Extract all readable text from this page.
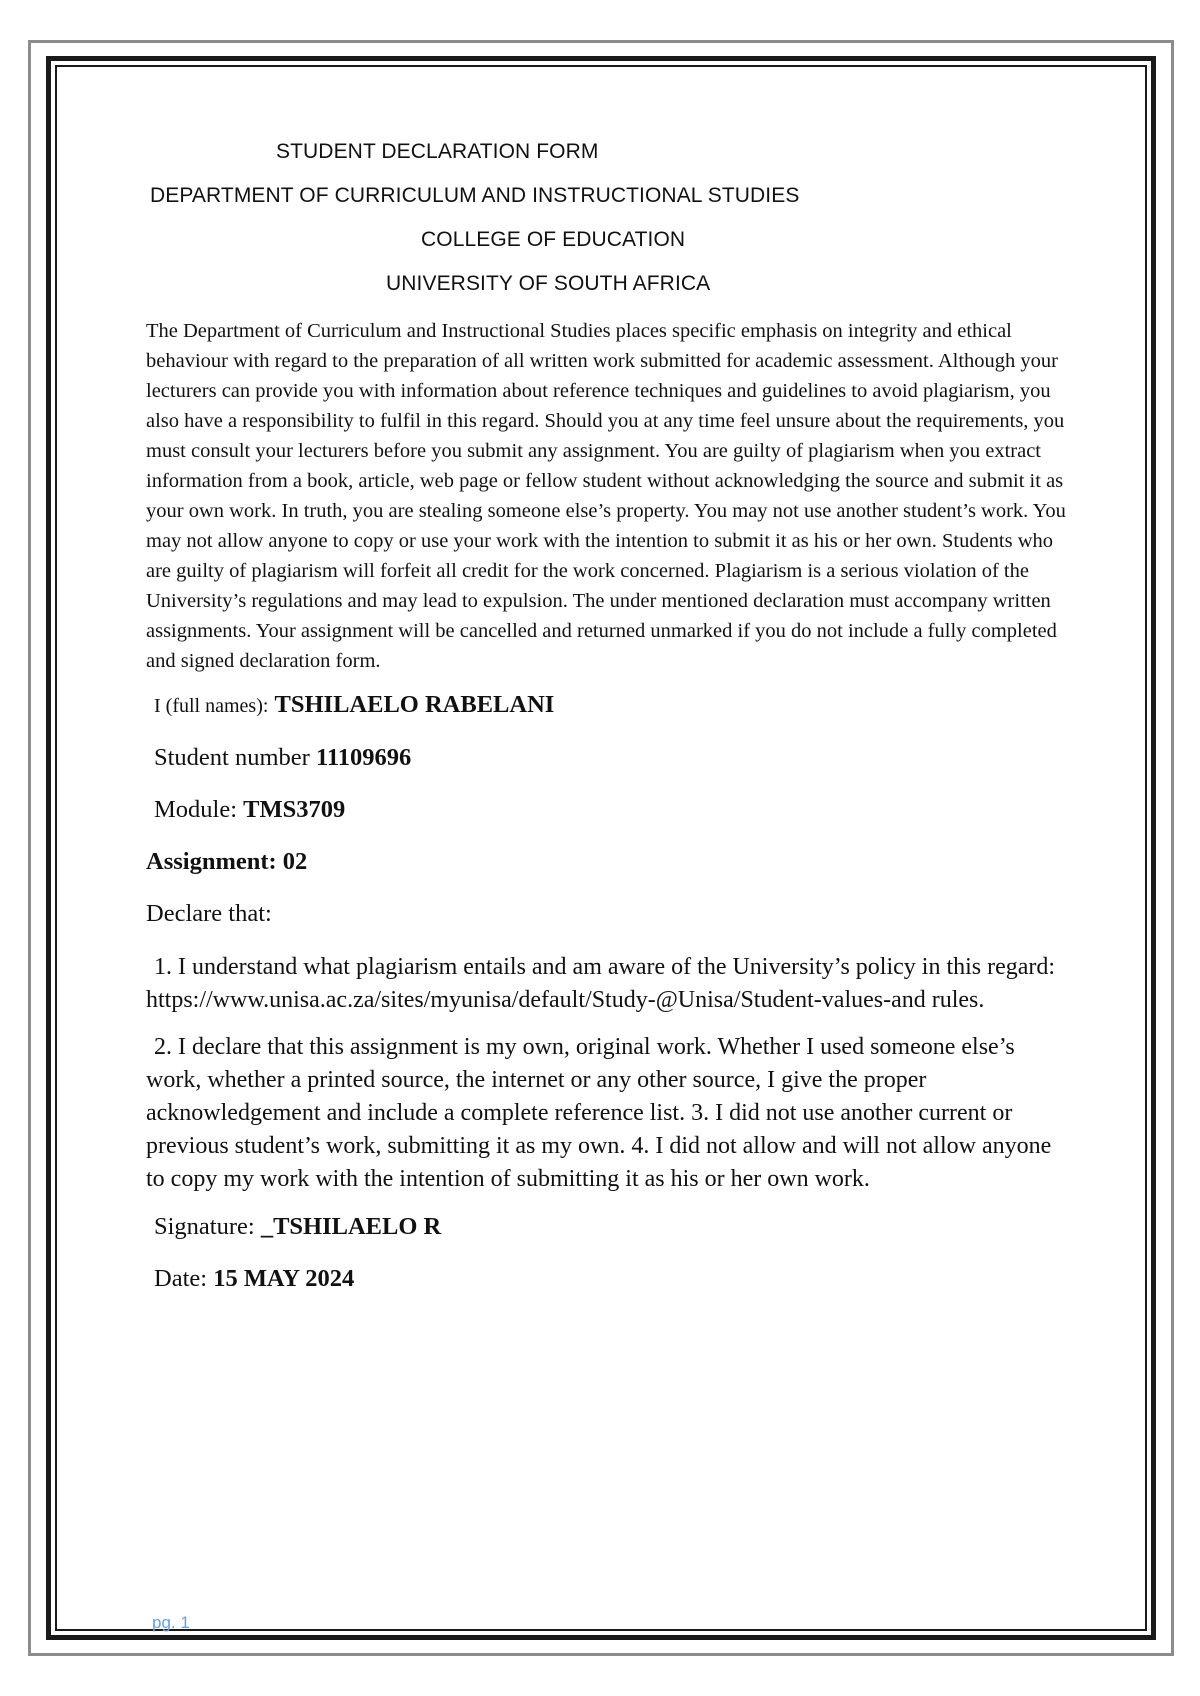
STUDENT DECLARATION FORM
DEPARTMENT OF CURRICULUM AND INSTRUCTIONAL STUDIES
COLLEGE OF EDUCATION
UNIVERSITY OF SOUTH AFRICA

The Department of Curriculum and Instructional Studies places specific emphasis on integrity and ethical behaviour with regard to the preparation of all written work submitted for academic assessment. Although your lecturers can provide you with information about reference techniques and guidelines to avoid plagiarism, you also have a responsibility to fulfil in this regard. Should you at any time feel unsure about the requirements, you must consult your lecturers before you submit any assignment. You are guilty of plagiarism when you extract information from a book, article, web page or fellow student without acknowledging the source and submit it as your own work. In truth, you are stealing someone else’s property. You may not use another student’s work. You may not allow anyone to copy or use your work with the intention to submit it as his or her own. Students who are guilty of plagiarism will forfeit all credit for the work concerned. Plagiarism is a serious violation of the University’s regulations and may lead to expulsion. The under mentioned declaration must accompany written assignments. Your assignment will be cancelled and returned unmarked if you do not include a fully completed and signed declaration form.

I (full names): TSHILAELO RABELANI
Student number 11109696
Module: TMS3709
Assignment: 02
Declare that:

1. I understand what plagiarism entails and am aware of the University’s policy in this regard: https://www.unisa.ac.za/sites/myunisa/default/Study-@Unisa/Student-values-and rules.

2. I declare that this assignment is my own, original work. Whether I used someone else’s work, whether a printed source, the internet or any other source, I give the proper acknowledgement and include a complete reference list. 3. I did not use another current or previous student’s work, submitting it as my own. 4. I did not allow and will not allow anyone to copy my work with the intention of submitting it as his or her own work.

Signature: _TSHILAELO R
Date: 15 MAY 2024
pg. 1
